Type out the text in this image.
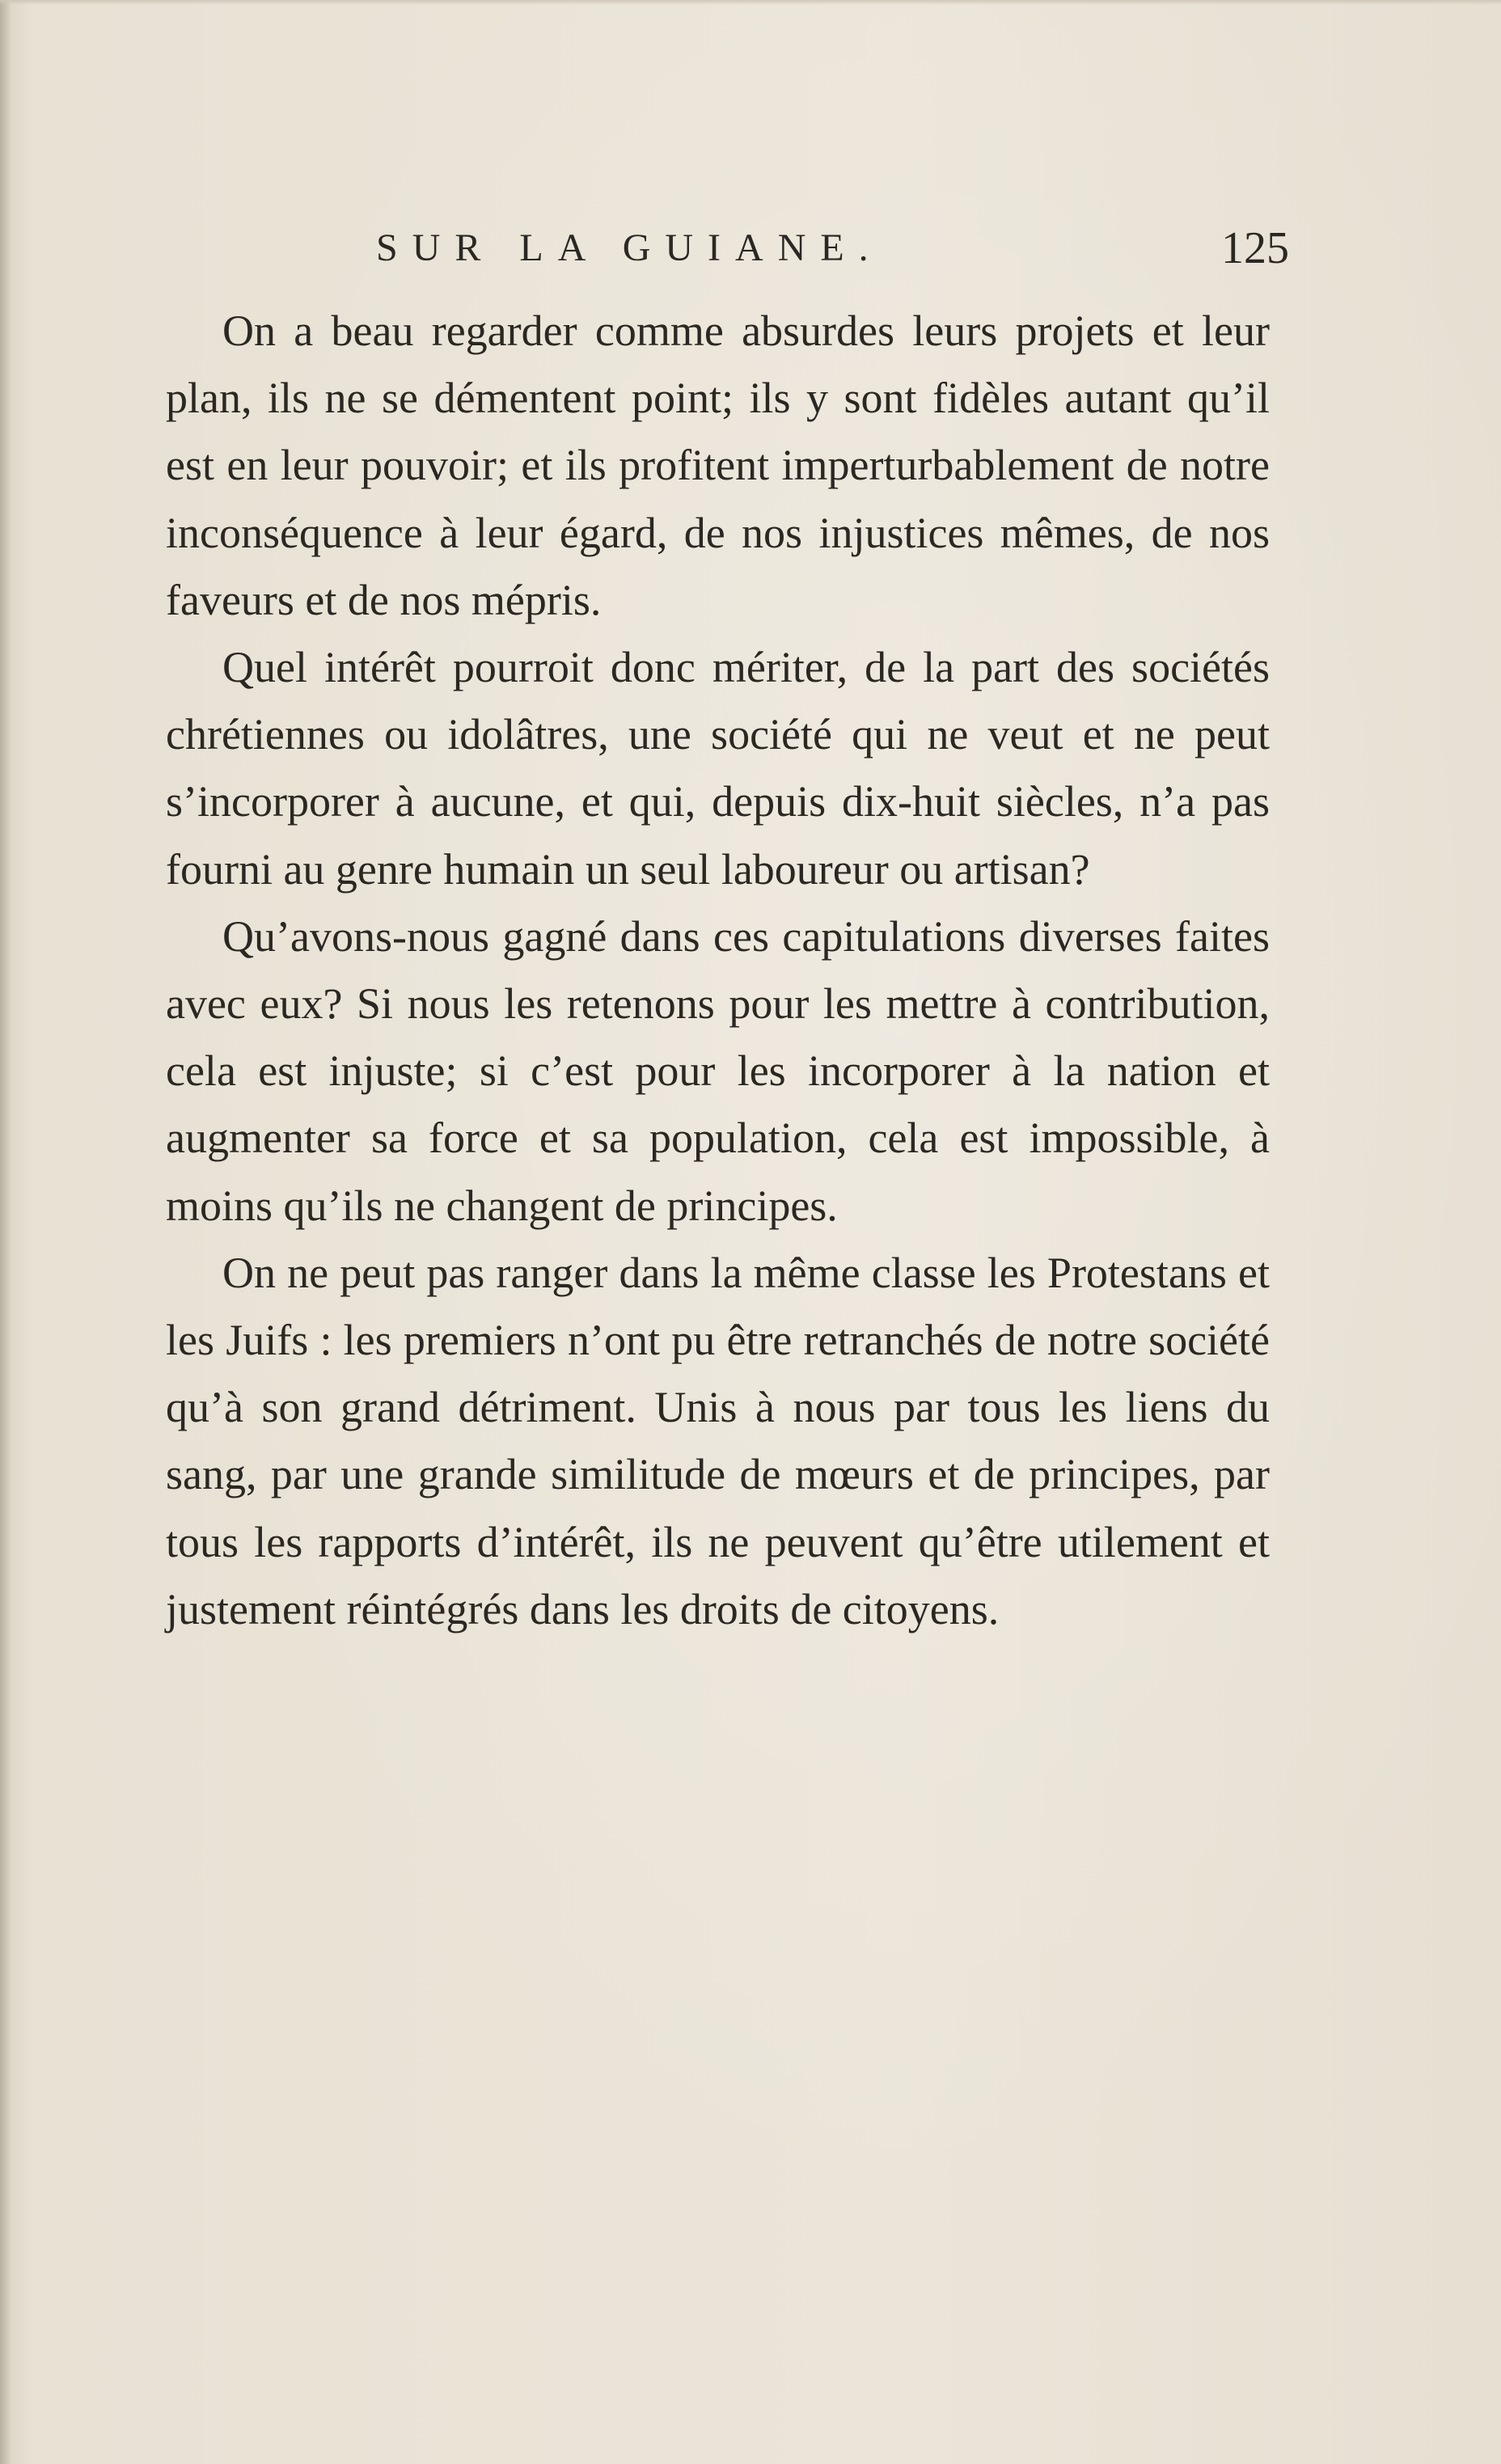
SUR LA GUIANE.	125

On a beau regarder comme absurdes leurs projets et leur plan, ils ne se démentent point; ils y sont fidèles autant qu’il est en leur pouvoir; et ils profitent imperturbablement de notre inconséquence à leur égard, de nos injustices mêmes, de nos faveurs et de nos mépris.

Quel intérêt pourroit donc mériter, de la part des sociétés chrétiennes ou idolâtres, une société qui ne veut et ne peut s’incorporer à aucune, et qui, depuis dix-huit siècles, n’a pas fourni au genre humain un seul laboureur ou artisan?

Qu’avons-nous gagné dans ces capitulations diverses faites avec eux? Si nous les retenons pour les mettre à contribution, cela est injuste; si c’est pour les incorporer à la nation et augmenter sa force et sa population, cela est impossible, à moins qu’ils ne changent de principes.

On ne peut pas ranger dans la même classe les Protestans et les Juifs : les premiers n’ont pu être retranchés de notre société qu’à son grand détriment. Unis à nous par tous les liens du sang, par une grande similitude de mœurs et de principes, par tous les rapports d’intérêt, ils ne peuvent qu’être utilement et justement réintégrés dans les droits de citoyens.
